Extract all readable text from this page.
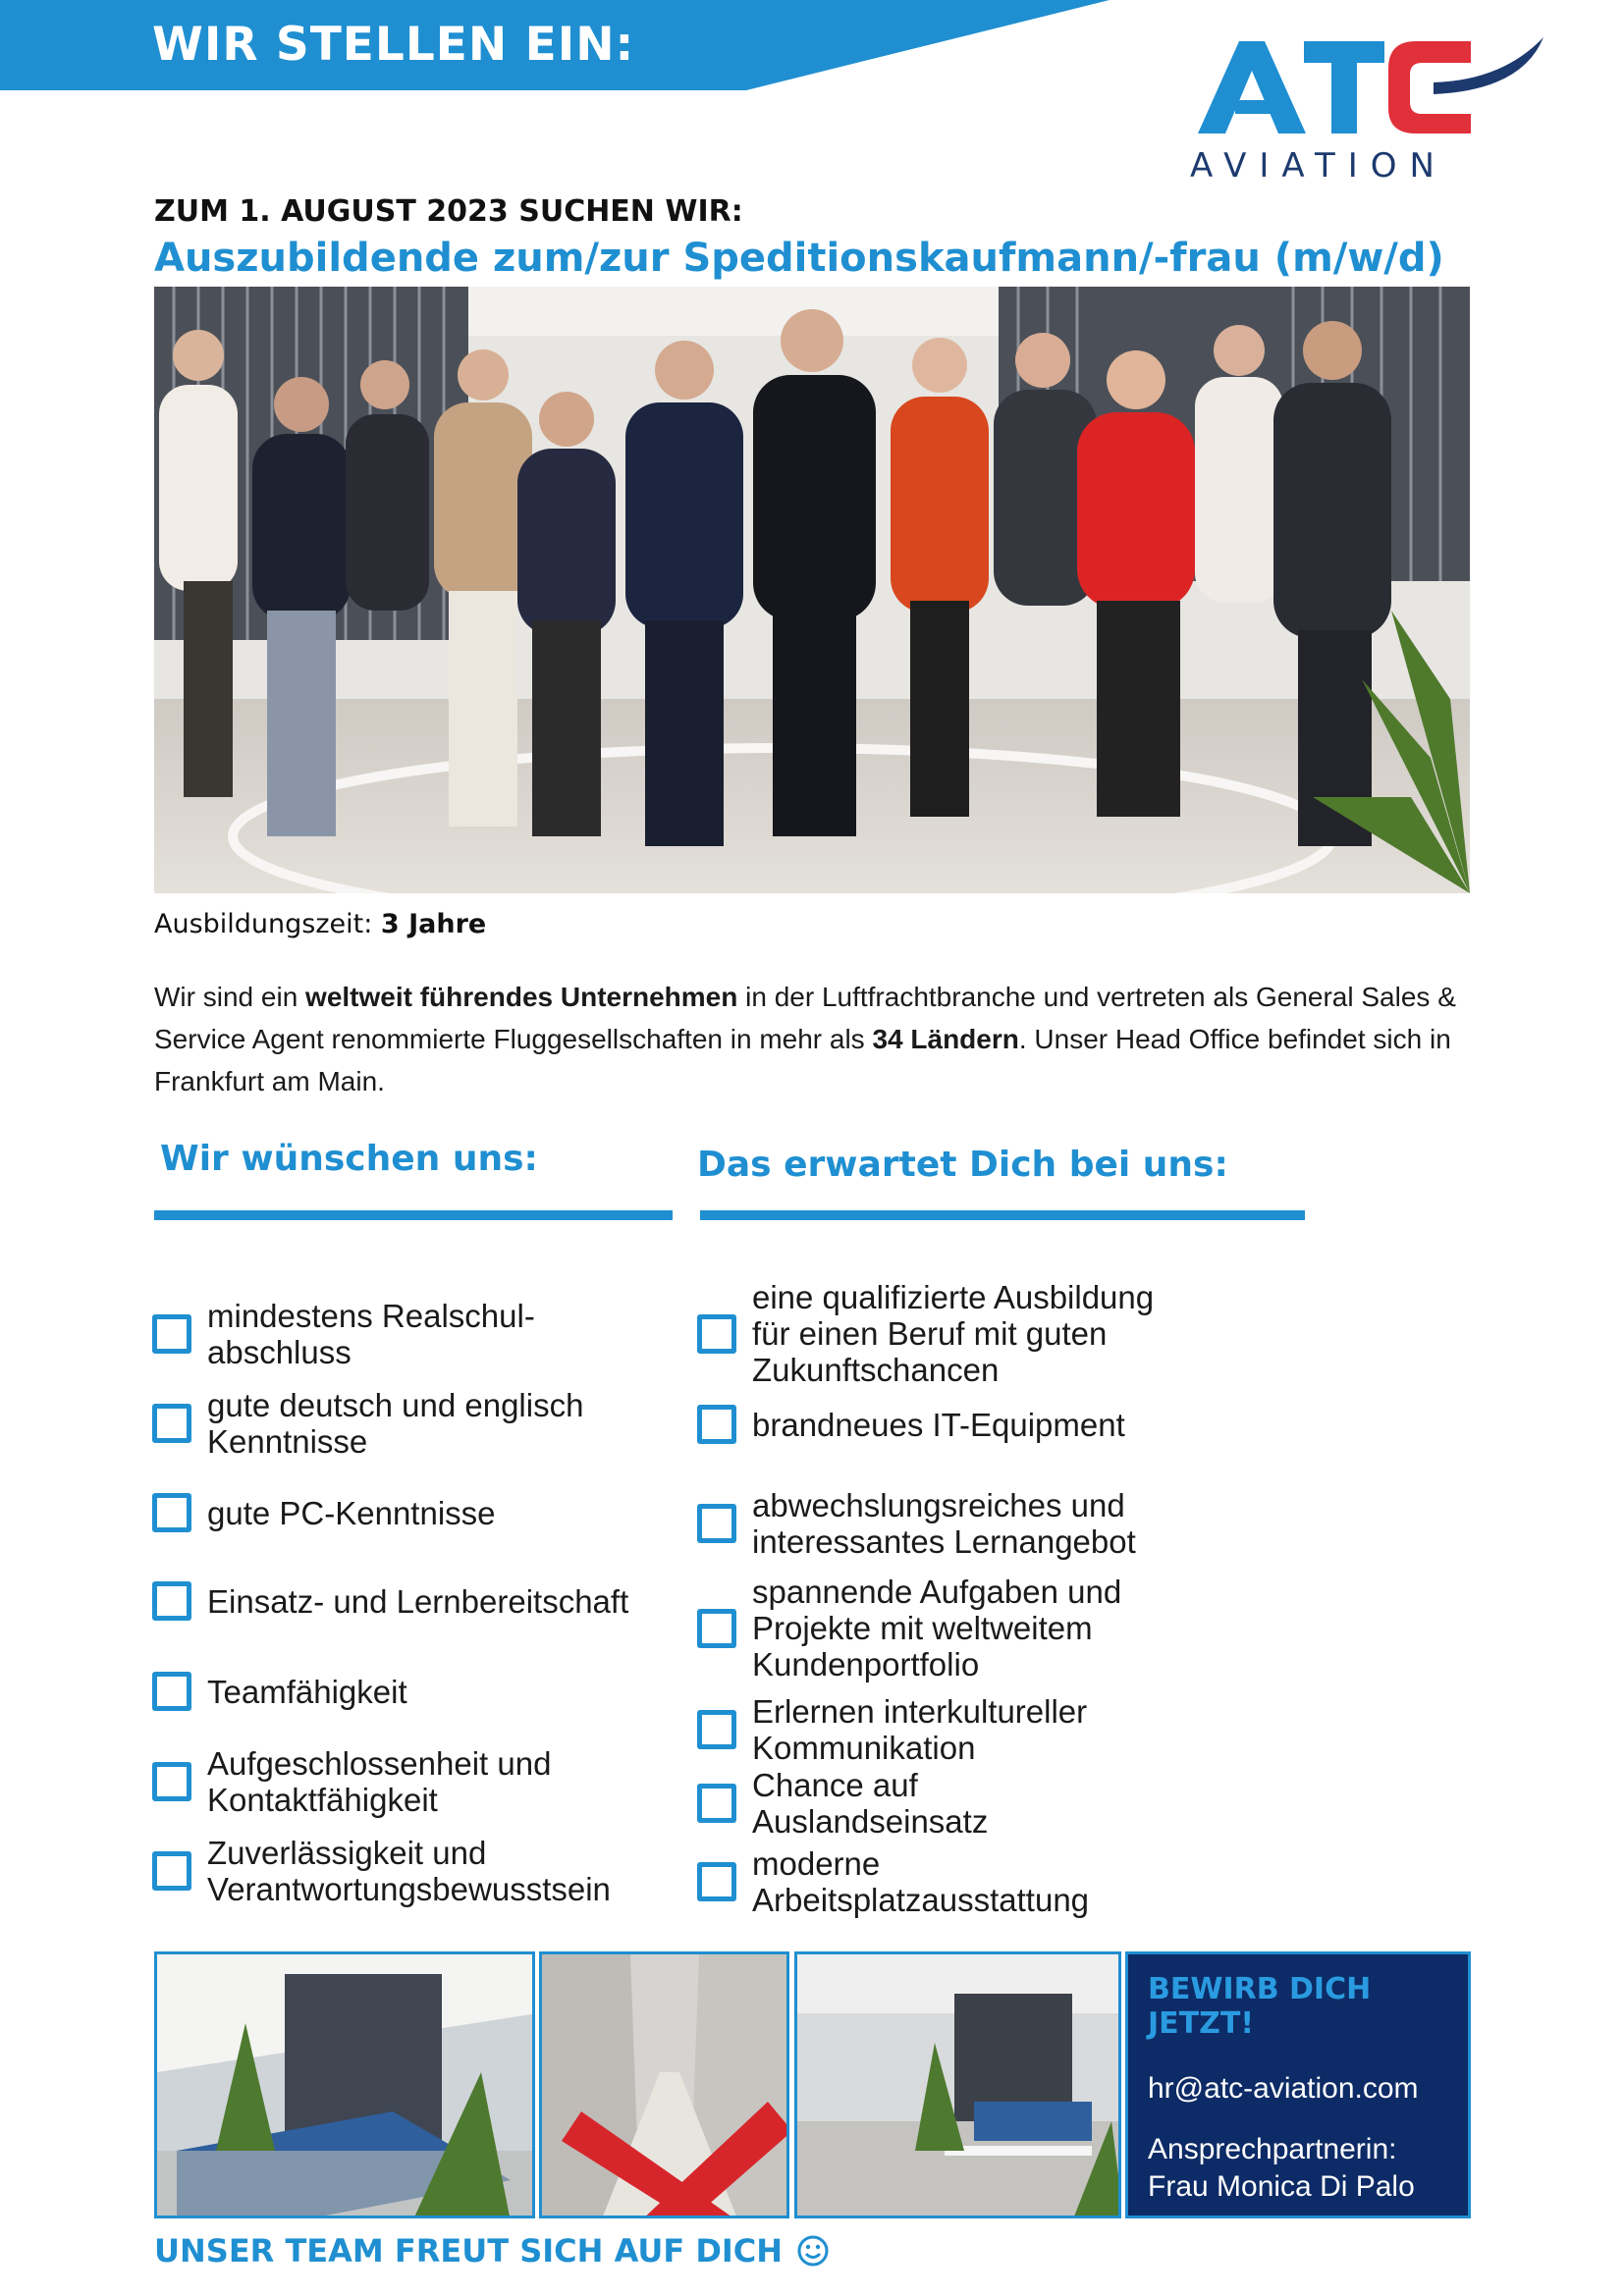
WIR STELLEN EIN:
AVIATION
ZUM 1. AUGUST 2023 SUCHEN WIR:
Auszubildende zum/zur Speditionskaufmann/-frau (m/w/d)
Ausbildungszeit: 3 Jahre
Wir sind ein weltweit führendes Unternehmen in der Luftfrachtbranche und vertreten als General Sales & Service Agent renommierte Fluggesellschaften in mehr als 34 Ländern. Unser Head Office befindet sich in Frankfurt am Main.
Wir wünschen uns:
mindestens Realschul-
abschluss
gute deutsch und englisch
Kenntnisse
gute PC-Kenntnisse
Einsatz- und Lernbereitschaft
Teamfähigkeit
Aufgeschlossenheit und
Kontaktfähigkeit
Zuverlässigkeit und
Verantwortungsbewusstsein
Das erwartet Dich bei uns:
eine qualifizierte Ausbildung
für einen Beruf mit guten
Zukunftschancen
brandneues IT-Equipment
abwechslungsreiches und
interessantes Lernangebot
spannende Aufgaben und
Projekte mit weltweitem
Kundenportfolio
Erlernen interkultureller
Kommunikation
Chance auf
Auslandseinsatz
moderne
Arbeitsplatzausstattung
BEWIRB DICH JETZT!
hr@atc-aviation.com
Ansprechpartnerin:
Frau Monica Di Palo
UNSER TEAM FREUT SICH AUF DICH
